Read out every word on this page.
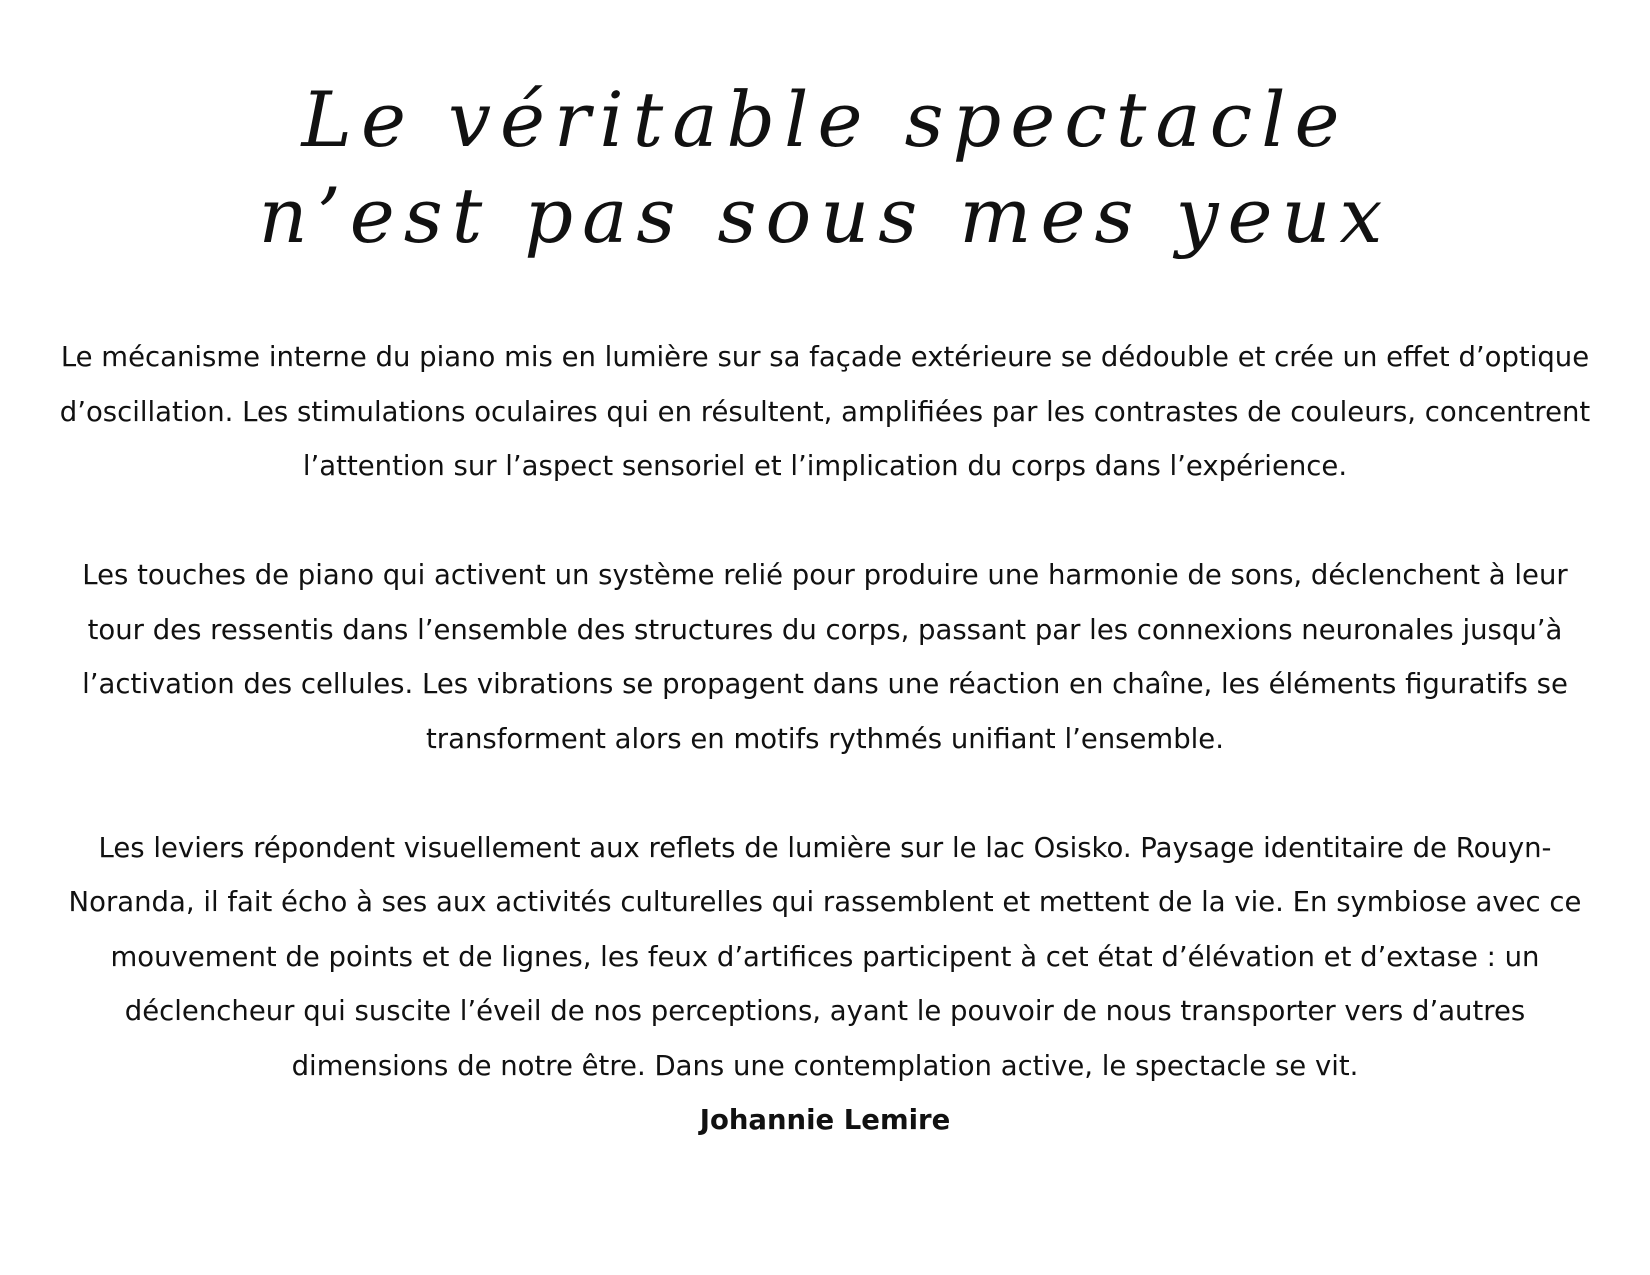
Le véritable spectacle
n’est pas sous mes yeux

Le mécanisme interne du piano mis en lumière sur sa façade extérieure se dédouble et crée un effet d’optique d’oscillation. Les stimulations oculaires qui en résultent, amplifiées par les contrastes de couleurs, concentrent l’attention sur l’aspect sensoriel et l’implication du corps dans l’expérience.

Les touches de piano qui activent un système relié pour produire une harmonie de sons, déclenchent à leur tour des ressentis dans l’ensemble des structures du corps, passant par les connexions neuronales jusqu’à l’activation des cellules. Les vibrations se propagent dans une réaction en chaîne, les éléments figuratifs se transforment alors en motifs rythmés unifiant l’ensemble.

Les leviers répondent visuellement aux reflets de lumière sur le lac Osisko. Paysage identitaire de Rouyn-Noranda, il fait écho à ses aux activités culturelles qui rassemblent et mettent de la vie. En symbiose avec ce mouvement de points et de lignes, les feux d’artifices participent à cet état d’élévation et d’extase : un déclencheur qui suscite l’éveil de nos perceptions, ayant le pouvoir de nous transporter vers d’autres dimensions de notre être. Dans une contemplation active, le spectacle se vit.

Johannie Lemire
